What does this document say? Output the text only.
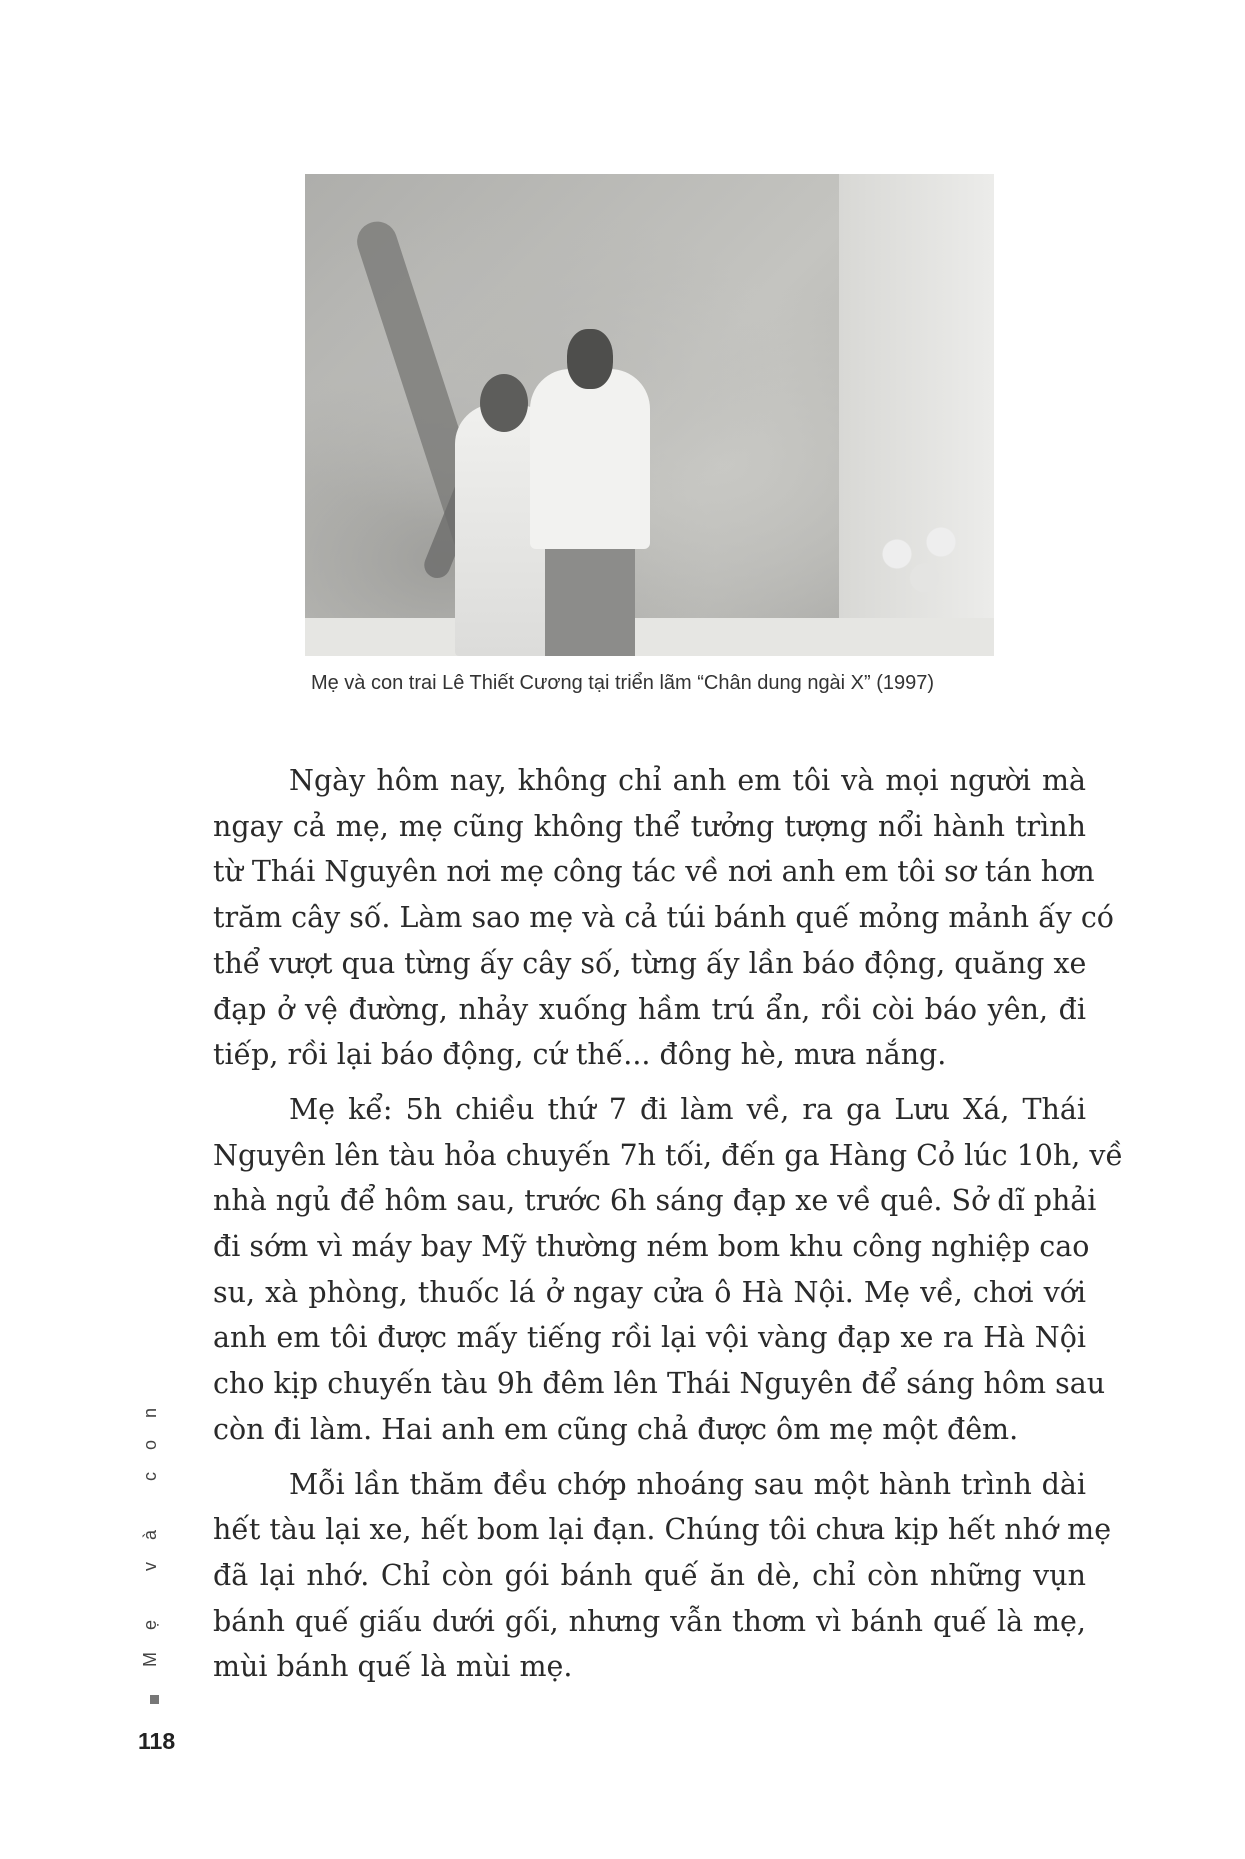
Mẹ và con trai Lê Thiết Cương tại triển lãm “Chân dung ngài X” (1997)
Ngày hôm nay, không chỉ anh em tôi và mọi người mà
ngay cả mẹ, mẹ cũng không thể tưởng tượng nổi hành trình
từ Thái Nguyên nơi mẹ công tác về nơi anh em tôi sơ tán hơn
trăm cây số. Làm sao mẹ và cả túi bánh quế mỏng mảnh ấy có
thể vượt qua từng ấy cây số, từng ấy lần báo động, quăng xe
đạp ở vệ đường, nhảy xuống hầm trú ẩn, rồi còi báo yên, đi
tiếp, rồi lại báo động, cứ thế... đông hè, mưa nắng.
Mẹ kể: 5h chiều thứ 7 đi làm về, ra ga Lưu Xá, Thái
Nguyên lên tàu hỏa chuyến 7h tối, đến ga Hàng Cỏ lúc 10h, về
nhà ngủ để hôm sau, trước 6h sáng đạp xe về quê. Sở dĩ phải
đi sớm vì máy bay Mỹ thường ném bom khu công nghiệp cao
su, xà phòng, thuốc lá ở ngay cửa ô Hà Nội. Mẹ về, chơi với
anh em tôi được mấy tiếng rồi lại vội vàng đạp xe ra Hà Nội
cho kịp chuyến tàu 9h đêm lên Thái Nguyên để sáng hôm sau
còn đi làm. Hai anh em cũng chả được ôm mẹ một đêm.
Mỗi lần thăm đều chớp nhoáng sau một hành trình dài
hết tàu lại xe, hết bom lại đạn. Chúng tôi chưa kịp hết nhớ mẹ
đã lại nhớ. Chỉ còn gói bánh quế ăn dè, chỉ còn những vụn
bánh quế giấu dưới gối, nhưng vẫn thơm vì bánh quế là mẹ,
mùi bánh quế là mùi mẹ.
Mẹ và con
118
